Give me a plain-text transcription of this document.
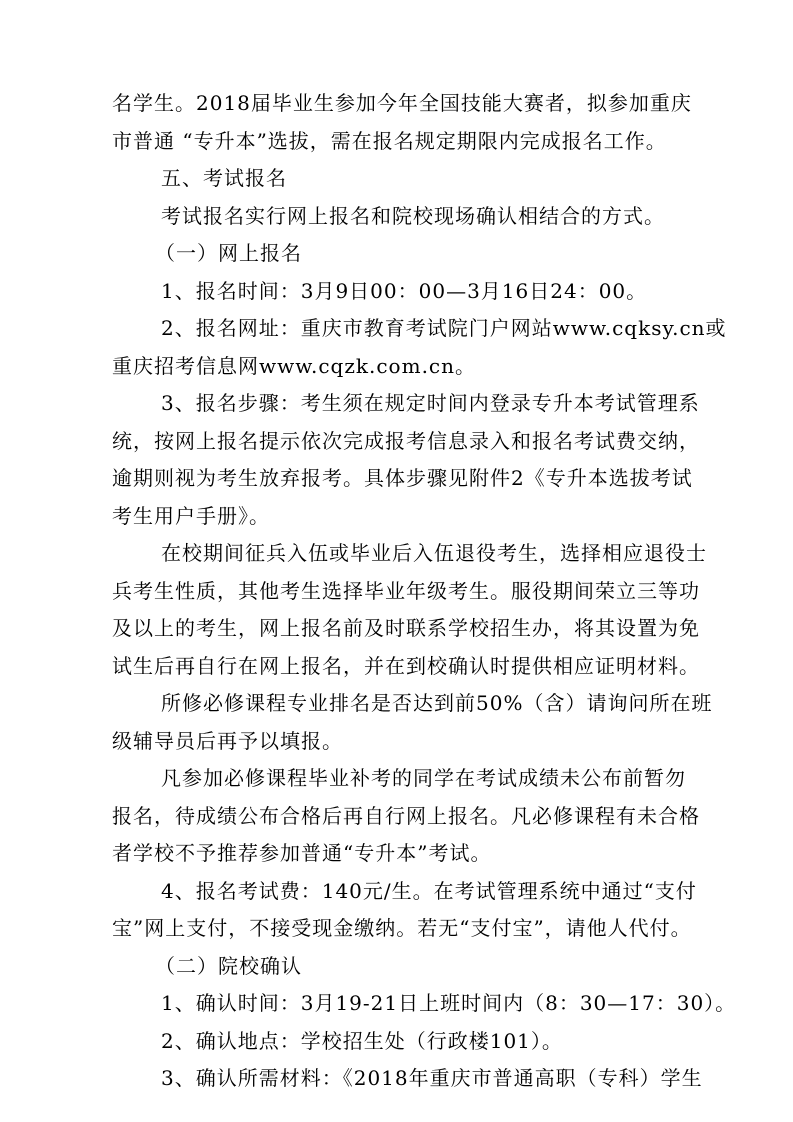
名学生。2018届毕业生参加今年全国技能大赛者，拟参加重庆
市普通 “专升本”选拔，需在报名规定期限内完成报名工作。
五、考试报名
考试报名实行网上报名和院校现场确认相结合的方式。
（一）网上报名
1、报名时间：3月9日00：00—3月16日24：00。
2、报名网址：重庆市教育考试院门户网站www.cqksy.cn或
重庆招考信息网www.cqzk.com.cn。
3、报名步骤：考生须在规定时间内登录专升本考试管理系
统，按网上报名提示依次完成报考信息录入和报名考试费交纳，
逾期则视为考生放弃报考。具体步骤见附件2《专升本选拔考试
考生用户手册》。
在校期间征兵入伍或毕业后入伍退役考生，选择相应退役士
兵考生性质，其他考生选择毕业年级考生。服役期间荣立三等功
及以上的考生，网上报名前及时联系学校招生办，将其设置为免
试生后再自行在网上报名，并在到校确认时提供相应证明材料。
所修必修课程专业排名是否达到前50%（含）请询问所在班
级辅导员后再予以填报。
凡参加必修课程毕业补考的同学在考试成绩未公布前暂勿
报名，待成绩公布合格后再自行网上报名。凡必修课程有未合格
者学校不予推荐参加普通“专升本”考试。
4、报名考试费：140元/生。在考试管理系统中通过“支付
宝”网上支付，不接受现金缴纳。若无“支付宝”，请他人代付。
（二）院校确认
1、确认时间：3月19-21日上班时间内（8：30—17：30）。
2、确认地点：学校招生处（行政楼101）。
3、确认所需材料：《2018年重庆市普通高职（专科）学生
